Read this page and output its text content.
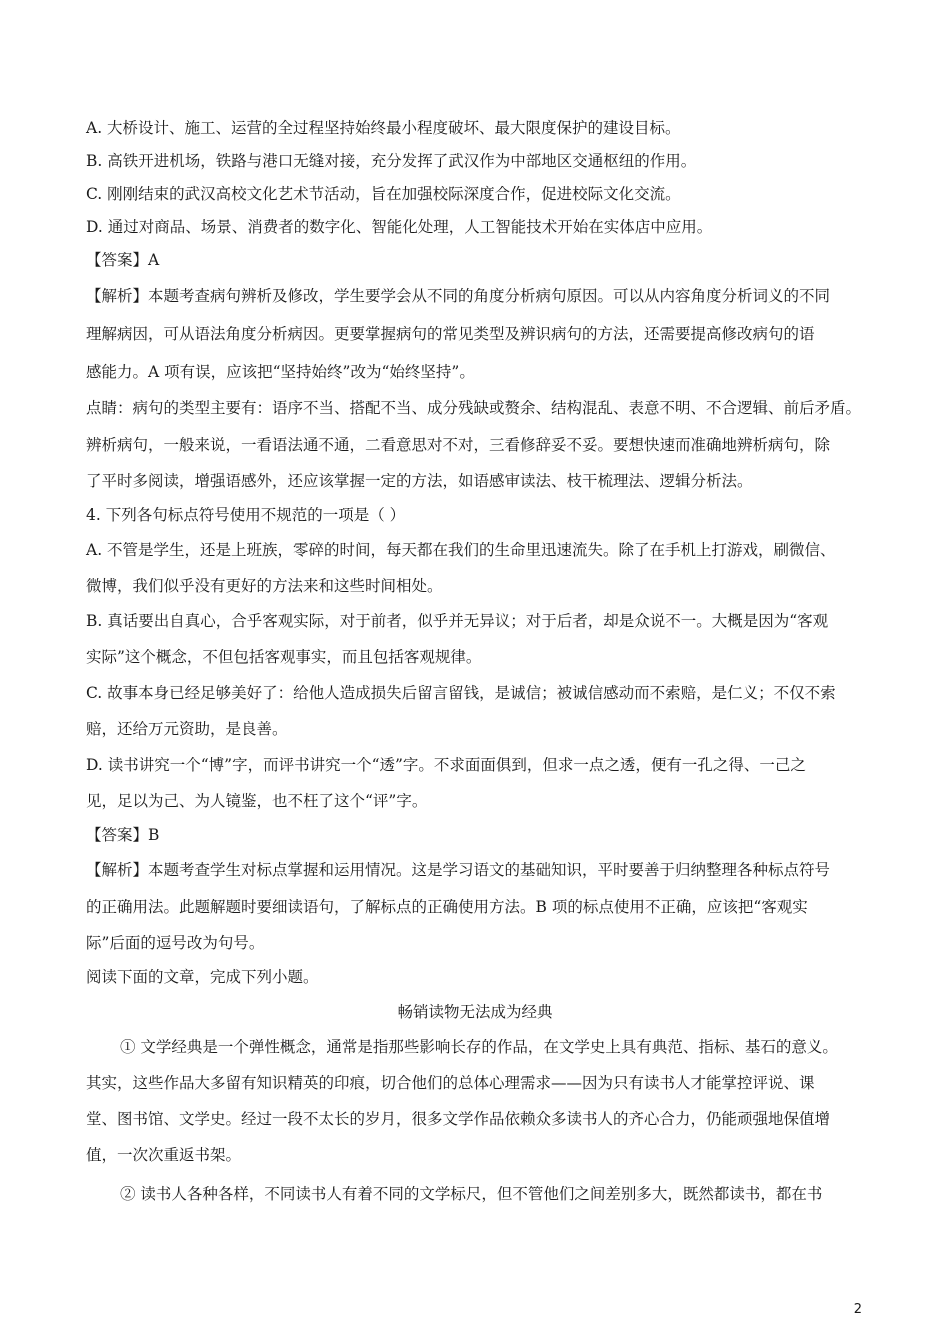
A. 大桥设计、施工、运营的全过程坚持始终最小程度破坏、最大限度保护的建设目标。
B. 高铁开进机场，铁路与港口无缝对接，充分发挥了武汉作为中部地区交通枢纽的作用。
C. 刚刚结束的武汉高校文化艺术节活动，旨在加强校际深度合作，促进校际文化交流。
D. 通过对商品、场景、消费者的数字化、智能化处理，人工智能技术开始在实体店中应用。
【答案】A
【解析】本题考查病句辨析及修改，学生要学会从不同的角度分析病句原因。可以从内容角度分析词义的不同
理解病因，可从语法角度分析病因。更要掌握病句的常见类型及辨识病句的方法，还需要提高修改病句的语
感能力。A 项有误，应该把“坚持始终”改为“始终坚持”。
点睛：病句的类型主要有：语序不当、搭配不当、成分残缺或赘余、结构混乱、表意不明、不合逻辑、前后矛盾。
辨析病句，一般来说，一看语法通不通，二看意思对不对，三看修辞妥不妥。要想快速而准确地辨析病句，除
了平时多阅读，增强语感外，还应该掌握一定的方法，如语感审读法、枝干梳理法、逻辑分析法。
4. 下列各句标点符号使用不规范的一项是（ ）
A. 不管是学生，还是上班族，零碎的时间，每天都在我们的生命里迅速流失。除了在手机上打游戏，刷微信、
微博，我们似乎没有更好的方法来和这些时间相处。
B. 真话要出自真心，合乎客观实际，对于前者，似乎并无异议；对于后者，却是众说不一。大概是因为“客观
实际”这个概念，不但包括客观事实，而且包括客观规律。
C. 故事本身已经足够美好了：给他人造成损失后留言留钱，是诚信；被诚信感动而不索赔，是仁义；不仅不索
赔，还给万元资助，是良善。
D. 读书讲究一个“博”字，而评书讲究一个“透”字。不求面面俱到，但求一点之透，便有一孔之得、一己之
见，足以为己、为人镜鉴，也不枉了这个“评”字。
【答案】B
【解析】本题考查学生对标点掌握和运用情况。这是学习语文的基础知识，平时要善于归纳整理各种标点符号
的正确用法。此题解题时要细读语句，了解标点的正确使用方法。B 项的标点使用不正确，应该把“客观实
际”后面的逗号改为句号。
阅读下面的文章，完成下列小题。
畅销读物无法成为经典
① 文学经典是一个弹性概念，通常是指那些影响长存的作品，在文学史上具有典范、指标、基石的意义。
其实，这些作品大多留有知识精英的印痕，切合他们的总体心理需求——因为只有读书人才能掌控评说、课
堂、图书馆、文学史。经过一段不太长的岁月，很多文学作品依赖众多读书人的齐心合力，仍能顽强地保值增
值，一次次重返书架。
② 读书人各种各样，不同读书人有着不同的文学标尺，但不管他们之间差别多大，既然都读书，都在书
2
